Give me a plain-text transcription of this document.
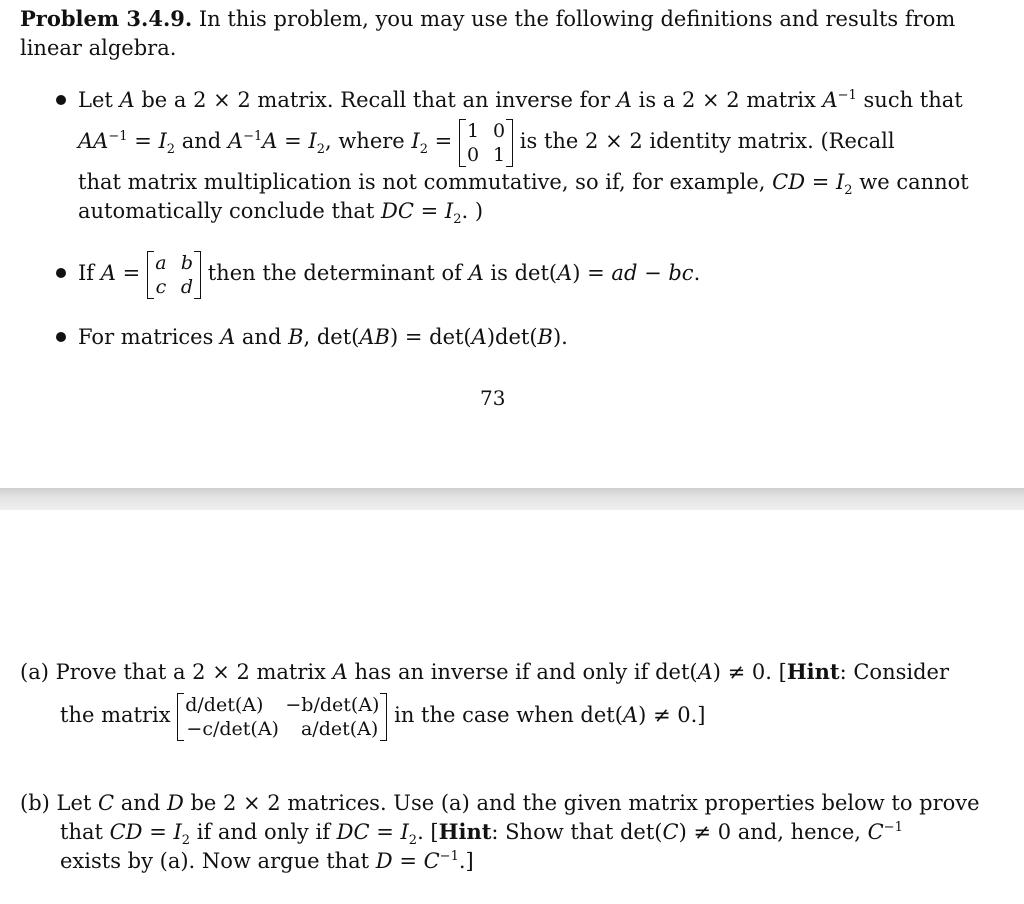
Problem 3.4.9. In this problem, you may use the following definitions and results from
linear algebra.
Let A be a 2 × 2 matrix. Recall that an inverse for A is a 2 × 2 matrix $A^{-1}$ such that
$AA^{-1} = I_2$ and $A^{-1}A = I_2$, where $I_2 = 1$ 0
0 1
is the 2 × 2 identity matrix. (Recall
that matrix multiplication is not commutative, so if, for example, CD = $I_2$ we cannot
automatically conclude that DC = $I_2$. )
If A = a b
c d
then the determinant of A is det(A) = ad − bc.
For matrices A and B, det(AB) = det(A)det(B).
73
(a) Prove that a 2 × 2 matrix A has an inverse if and only if det(A) ≠ 0. [Hint: Consider
the matrix d/det(A) −b/det(A)
−c/det(A) a/det(A)
in the case when det(A) ≠ 0.]
(b) Let C and D be 2 × 2 matrices. Use (a) and the given matrix properties below to prove
that CD = $I_2$ if and only if DC = $I_2$. [Hint: Show that det(C) ≠ 0 and, hence, $C^{-1}$
exists by (a). Now argue that $D = C^{-1}$.]
